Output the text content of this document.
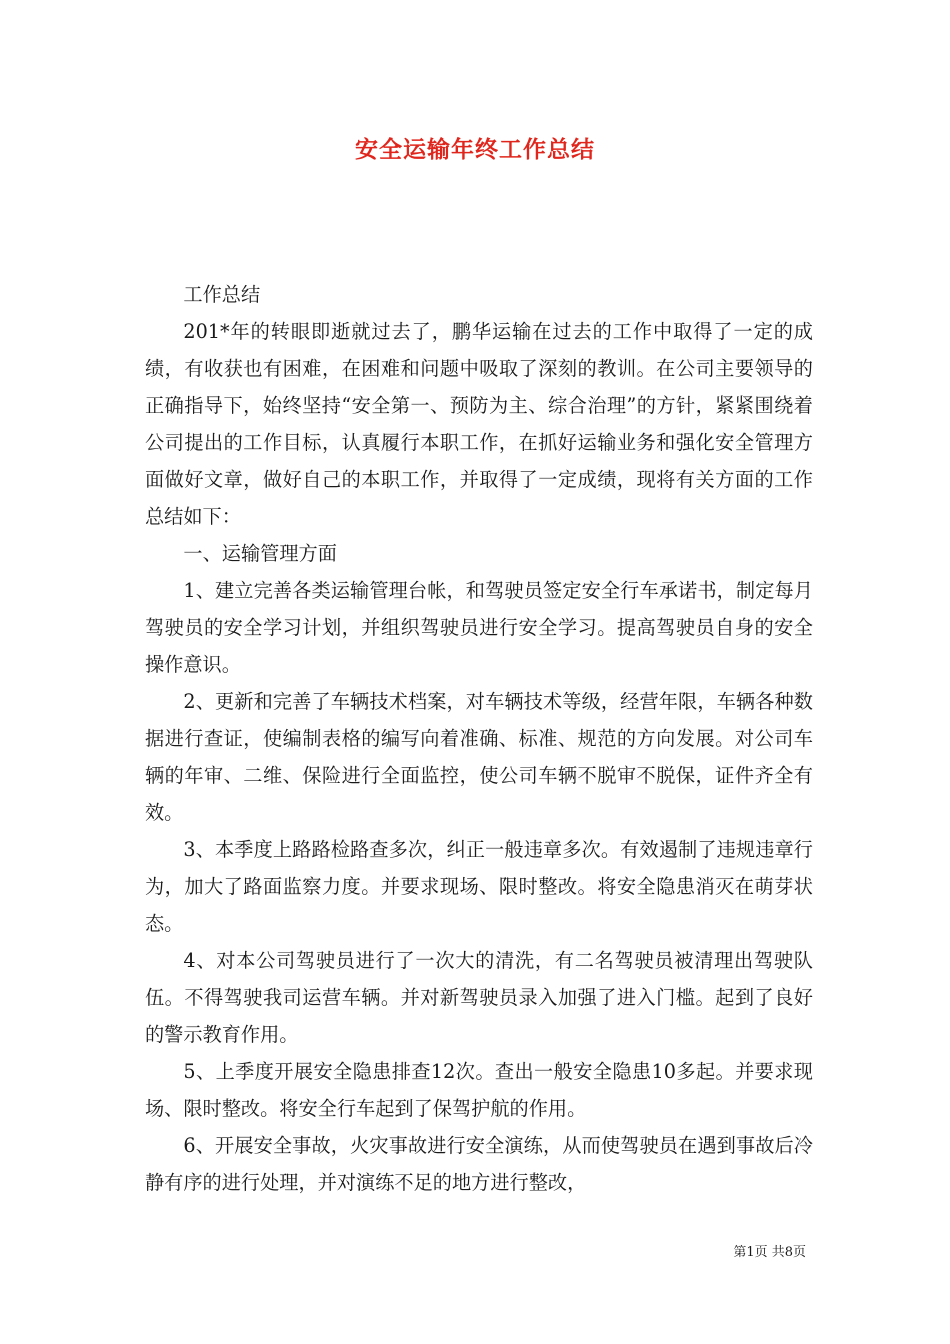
安全运输年终工作总结

工作总结

201*年的转眼即逝就过去了，鹏华运输在过去的工作中取得了一定的成绩，有收获也有困难，在困难和问题中吸取了深刻的教训。在公司主要领导的正确指导下，始终坚持“安全第一、预防为主、综合治理”的方针，紧紧围绕着公司提出的工作目标，认真履行本职工作，在抓好运输业务和强化安全管理方面做好文章，做好自己的本职工作，并取得了一定成绩，现将有关方面的工作总结如下：

一、运输管理方面

1、建立完善各类运输管理台帐，和驾驶员签定安全行车承诺书，制定每月驾驶员的安全学习计划，并组织驾驶员进行安全学习。提高驾驶员自身的安全操作意识。

2、更新和完善了车辆技术档案，对车辆技术等级，经营年限，车辆各种数据进行查证，使编制表格的编写向着准确、标准、规范的方向发展。对公司车辆的年审、二维、保险进行全面监控，使公司车辆不脱审不脱保，证件齐全有效。

3、本季度上路路检路查多次，纠正一般违章多次。有效遏制了违规违章行为，加大了路面监察力度。并要求现场、限时整改。将安全隐患消灭在萌芽状态。

4、对本公司驾驶员进行了一次大的清洗，有二名驾驶员被清理出驾驶队伍。不得驾驶我司运营车辆。并对新驾驶员录入加强了进入门槛。起到了良好的警示教育作用。

5、上季度开展安全隐患排查12次。查出一般安全隐患10多起。并要求现场、限时整改。将安全行车起到了保驾护航的作用。

6、开展安全事故，火灾事故进行安全演练，从而使驾驶员在遇到事故后冷静有序的进行处理，并对演练不足的地方进行整改，

第1页 共8页
